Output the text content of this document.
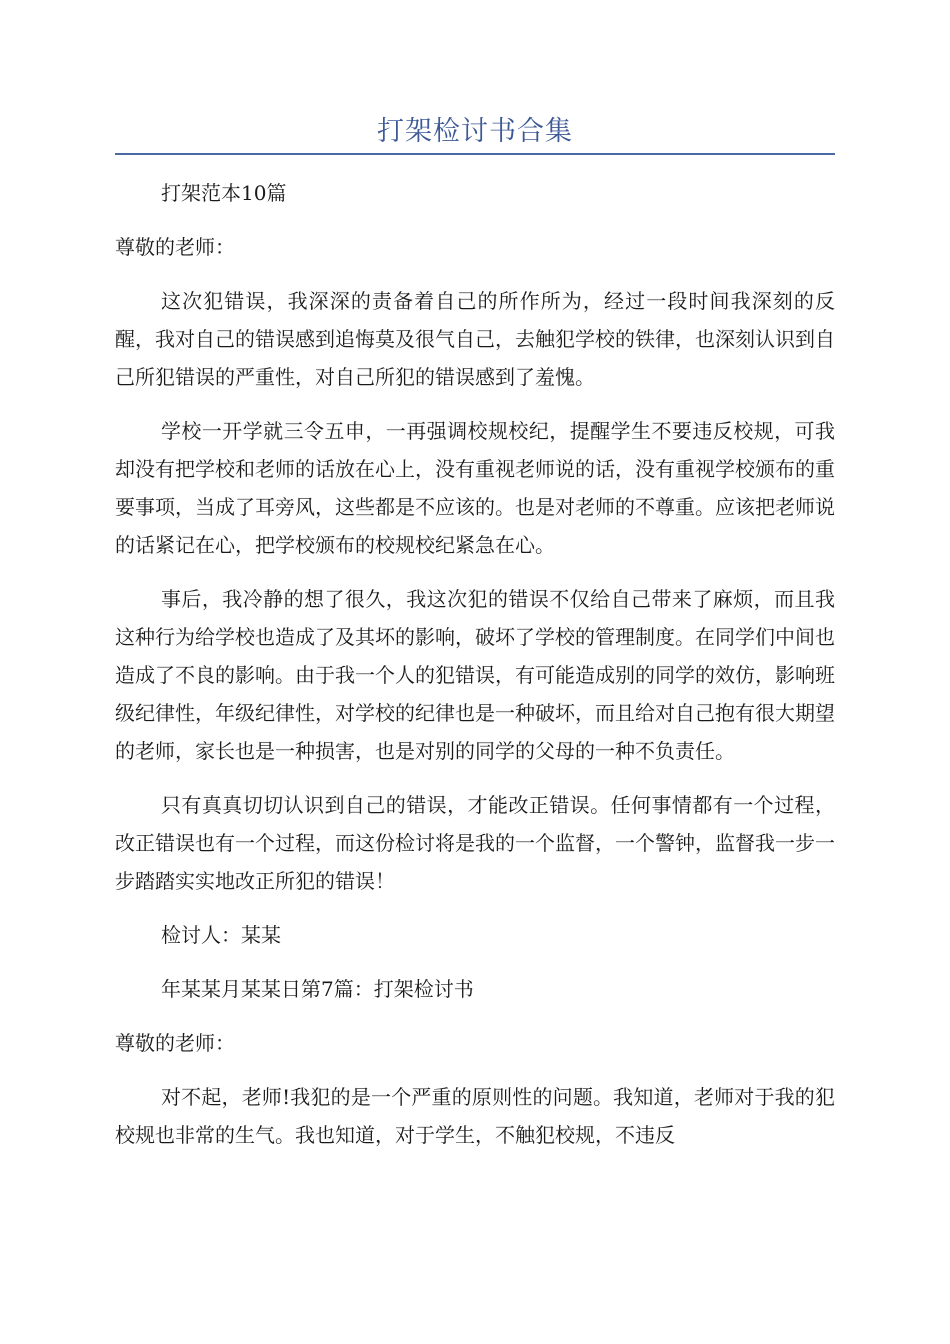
打架检讨书合集

打架范本10篇

尊敬的老师：

这次犯错误，我深深的责备着自己的所作所为，经过一段时间我深刻的反醒，我对自己的错误感到追悔莫及很气自己，去触犯学校的铁律，也深刻认识到自己所犯错误的严重性，对自己所犯的错误感到了羞愧。

学校一开学就三令五申，一再强调校规校纪，提醒学生不要违反校规，可我却没有把学校和老师的话放在心上，没有重视老师说的话，没有重视学校颁布的重要事项，当成了耳旁风，这些都是不应该的。也是对老师的不尊重。应该把老师说的话紧记在心，把学校颁布的校规校纪紧急在心。

事后，我冷静的想了很久，我这次犯的错误不仅给自己带来了麻烦，而且我这种行为给学校也造成了及其坏的影响，破坏了学校的管理制度。在同学们中间也造成了不良的影响。由于我一个人的犯错误，有可能造成别的同学的效仿，影响班级纪律性，年级纪律性，对学校的纪律也是一种破坏，而且给对自己抱有很大期望的老师，家长也是一种损害，也是对别的同学的父母的一种不负责任。

只有真真切切认识到自己的错误，才能改正错误。任何事情都有一个过程，改正错误也有一个过程，而这份检讨将是我的一个监督，一个警钟，监督我一步一步踏踏实实地改正所犯的错误！

检讨人：某某

年某某月某某日第7篇：打架检讨书

尊敬的老师：

对不起，老师!我犯的是一个严重的原则性的问题。我知道，老师对于我的犯校规也非常的生气。我也知道，对于学生，不触犯校规，不违反
